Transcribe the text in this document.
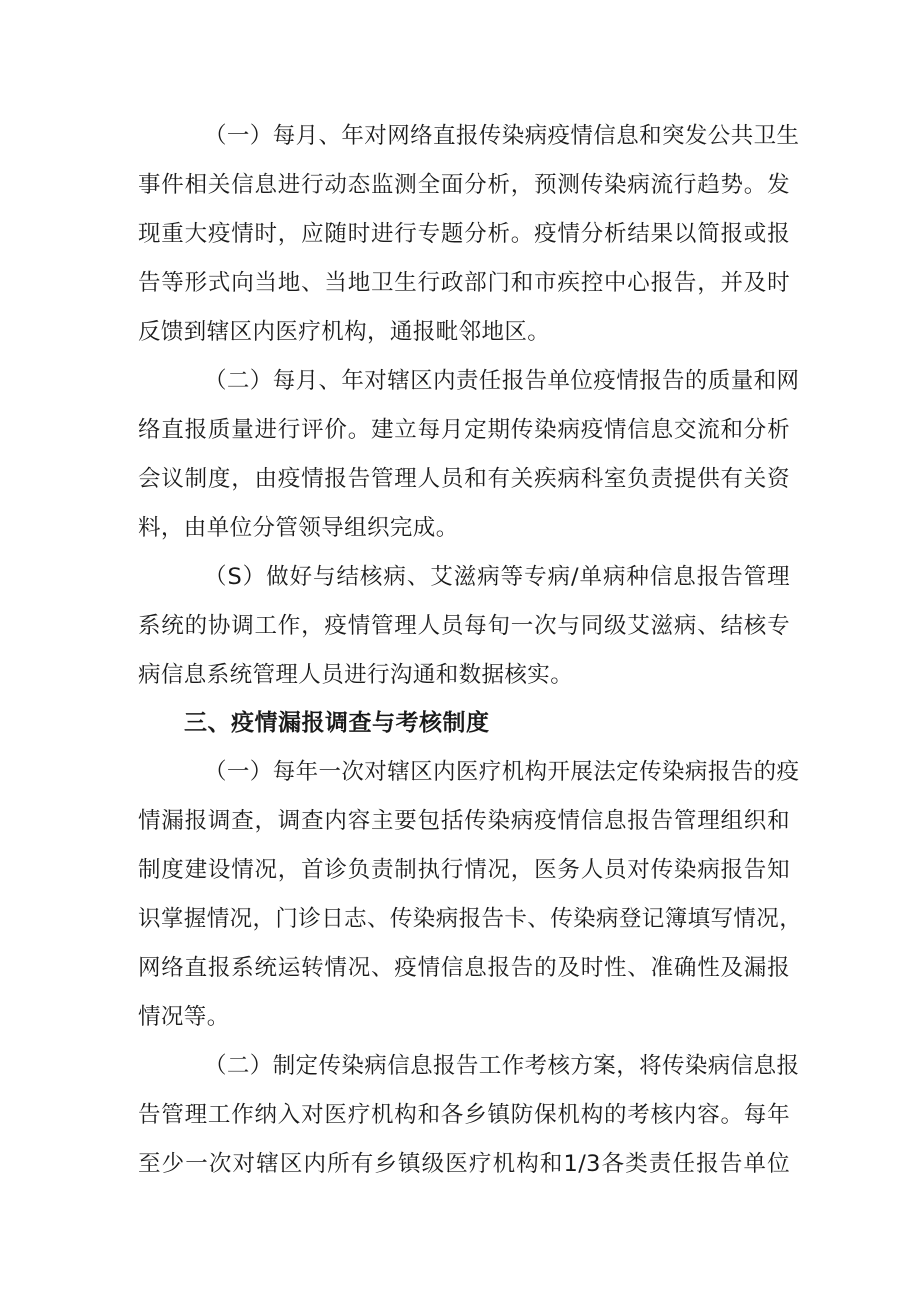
（一）每月、年对网络直报传染病疫情信息和突发公共卫生
事件相关信息进行动态监测全面分析，预测传染病流行趋势。发
现重大疫情时，应随时进行专题分析。疫情分析结果以简报或报
告等形式向当地、当地卫生行政部门和市疾控中心报告，并及时
反馈到辖区内医疗机构，通报毗邻地区。
（二）每月、年对辖区内责任报告单位疫情报告的质量和网
络直报质量进行评价。建立每月定期传染病疫情信息交流和分析
会议制度，由疫情报告管理人员和有关疾病科室负责提供有关资
料，由单位分管领导组织完成。
（S）做好与结核病、艾滋病等专病/单病种信息报告管理
系统的协调工作，疫情管理人员每旬一次与同级艾滋病、结核专
病信息系统管理人员进行沟通和数据核实。
三、疫情漏报调查与考核制度
（一）每年一次对辖区内医疗机构开展法定传染病报告的疫
情漏报调查，调查内容主要包括传染病疫情信息报告管理组织和
制度建设情况，首诊负责制执行情况，医务人员对传染病报告知
识掌握情况，门诊日志、传染病报告卡、传染病登记簿填写情况，
网络直报系统运转情况、疫情信息报告的及时性、准确性及漏报
情况等。
（二）制定传染病信息报告工作考核方案，将传染病信息报
告管理工作纳入对医疗机构和各乡镇防保机构的考核内容。每年
至少一次对辖区内所有乡镇级医疗机构和1/3各类责任报告单位
